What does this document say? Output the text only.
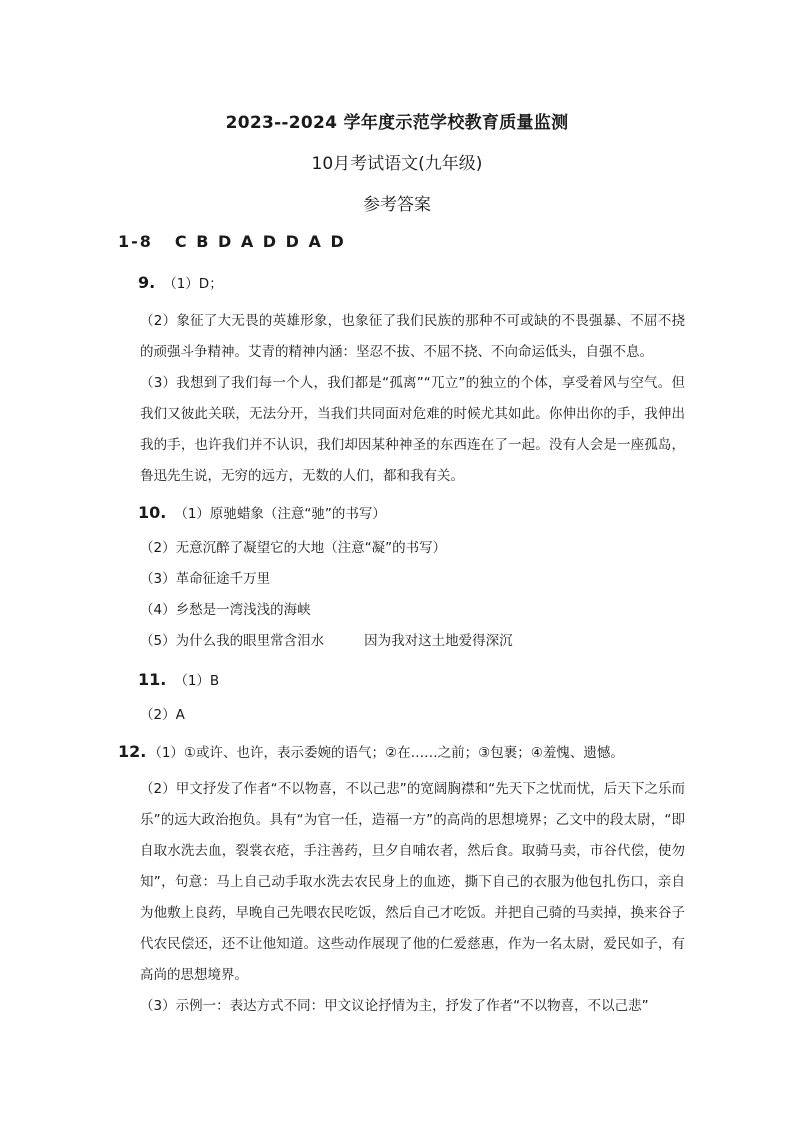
2023--2024 学年度示范学校教育质量监测
10月考试语文(九年级)
参考答案
1-8 C B D A D D A D
9. （1）D；
（2）象征了大无畏的英雄形象，也象征了我们民族的那种不可或缺的不畏强暴、不屈不挠的顽强斗争精神。艾青的精神内涵：坚忍不拔、不屈不挠、不向命运低头，自强不息。
（3）我想到了我们每一个人，我们都是“孤离”“兀立”的独立的个体，享受着风与空气。但我们又彼此关联，无法分开，当我们共同面对危难的时候尤其如此。你伸出你的手，我伸出我的手，也许我们并不认识，我们却因某种神圣的东西连在了一起。没有人会是一座孤岛，鲁迅先生说，无穷的远方，无数的人们，都和我有关。
10. （1）原驰蜡象（注意“驰”的书写）
（2）无意沉醉了凝望它的大地（注意“凝”的书写）
（3）革命征途千万里
（4）乡愁是一湾浅浅的海峡
（5）为什么我的眼里常含泪水	因为我对这土地爱得深沉
11. （1）B
（2）A
12. （1）①或许、也许，表示委婉的语气；②在……之前；③包裹；④羞愧、遗憾。
（2）甲文抒发了作者“不以物喜，不以己悲”的宽阔胸襟和“先天下之忧而忧，后天下之乐而乐”的远大政治抱负。具有“为官一任，造福一方”的高尚的思想境界；乙文中的段太尉，“即自取水洗去血，裂裳衣疮，手注善药，旦夕自哺农者，然后食。取骑马卖，市谷代偿，使勿知”，句意：马上自己动手取水洗去农民身上的血迹，撕下自己的衣服为他包扎伤口，亲自为他敷上良药，早晚自己先喂农民吃饭，然后自己才吃饭。并把自己骑的马卖掉，换来谷子代农民偿还，还不让他知道。这些动作展现了他的仁爱慈惠，作为一名太尉，爱民如子，有高尚的思想境界。
（3）示例一：表达方式不同：甲文议论抒情为主，抒发了作者“不以物喜，不以己悲”
